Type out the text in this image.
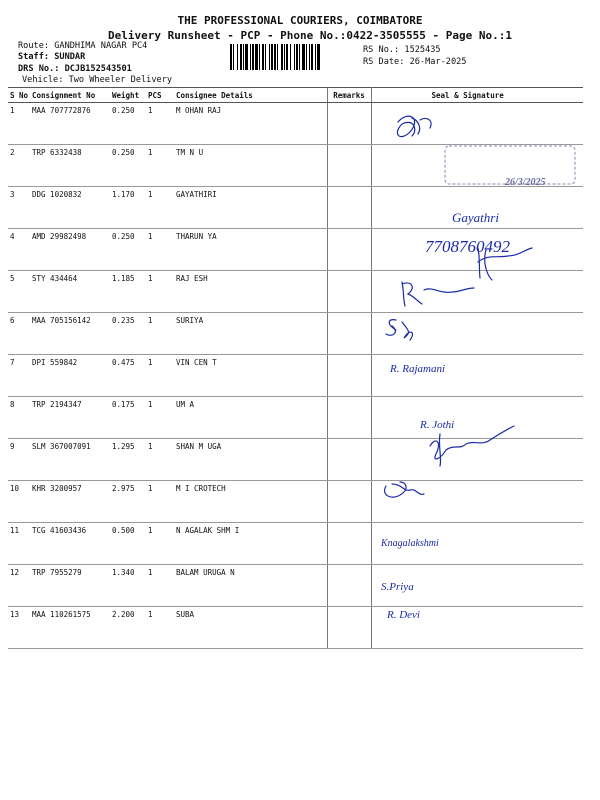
THE PROFESSIONAL COURIERS, COIMBATORE
Delivery Runsheet - PCP - Phone No.:0422-3505555 - Page No.:1
Route: GANDHIMA NAGAR PC4
Staff: SUNDAR
DRS No.: DCJB152543501
Vehicle: Two Wheeler Delivery
RS No.: 1525435
RS Date: 26-Mar-2025
S No	Consignment No	Weight	PCS	Consignee Details	Remarks	Seal & Signature
1	MAA 707772876	0.250	1	M OHAN RAJ		
2	TRP 6332438	0.250	1	TM N U		
3	DDG 1020832	1.170	1	GAYATHIRI		
4	AMD 29982498	0.250	1	THARUN YA		
5	STY 434464	1.185	1	RAJ ESH		
6	MAA 705156142	0.235	1	SURIYA		
7	DPI 559842	0.475	1	VIN CEN T		
8	TRP 2194347	0.175	1	UM A		
9	SLM 367007091	1.295	1	SHAN M UGA		
10	KHR 3200957	2.975	1	M I CROTECH		
11	TCG 41603436	0.500	1	N AGALAK SHM I		
12	TRP 7955279	1.340	1	BALAM URUGA N		
13	MAA 110261575	2.200	1	SUBA		
26/3/2025
Gayathri
7708760492
R. Rajamani
R. Jothi
Knagalakshmi
S.Priya
R. Devi
